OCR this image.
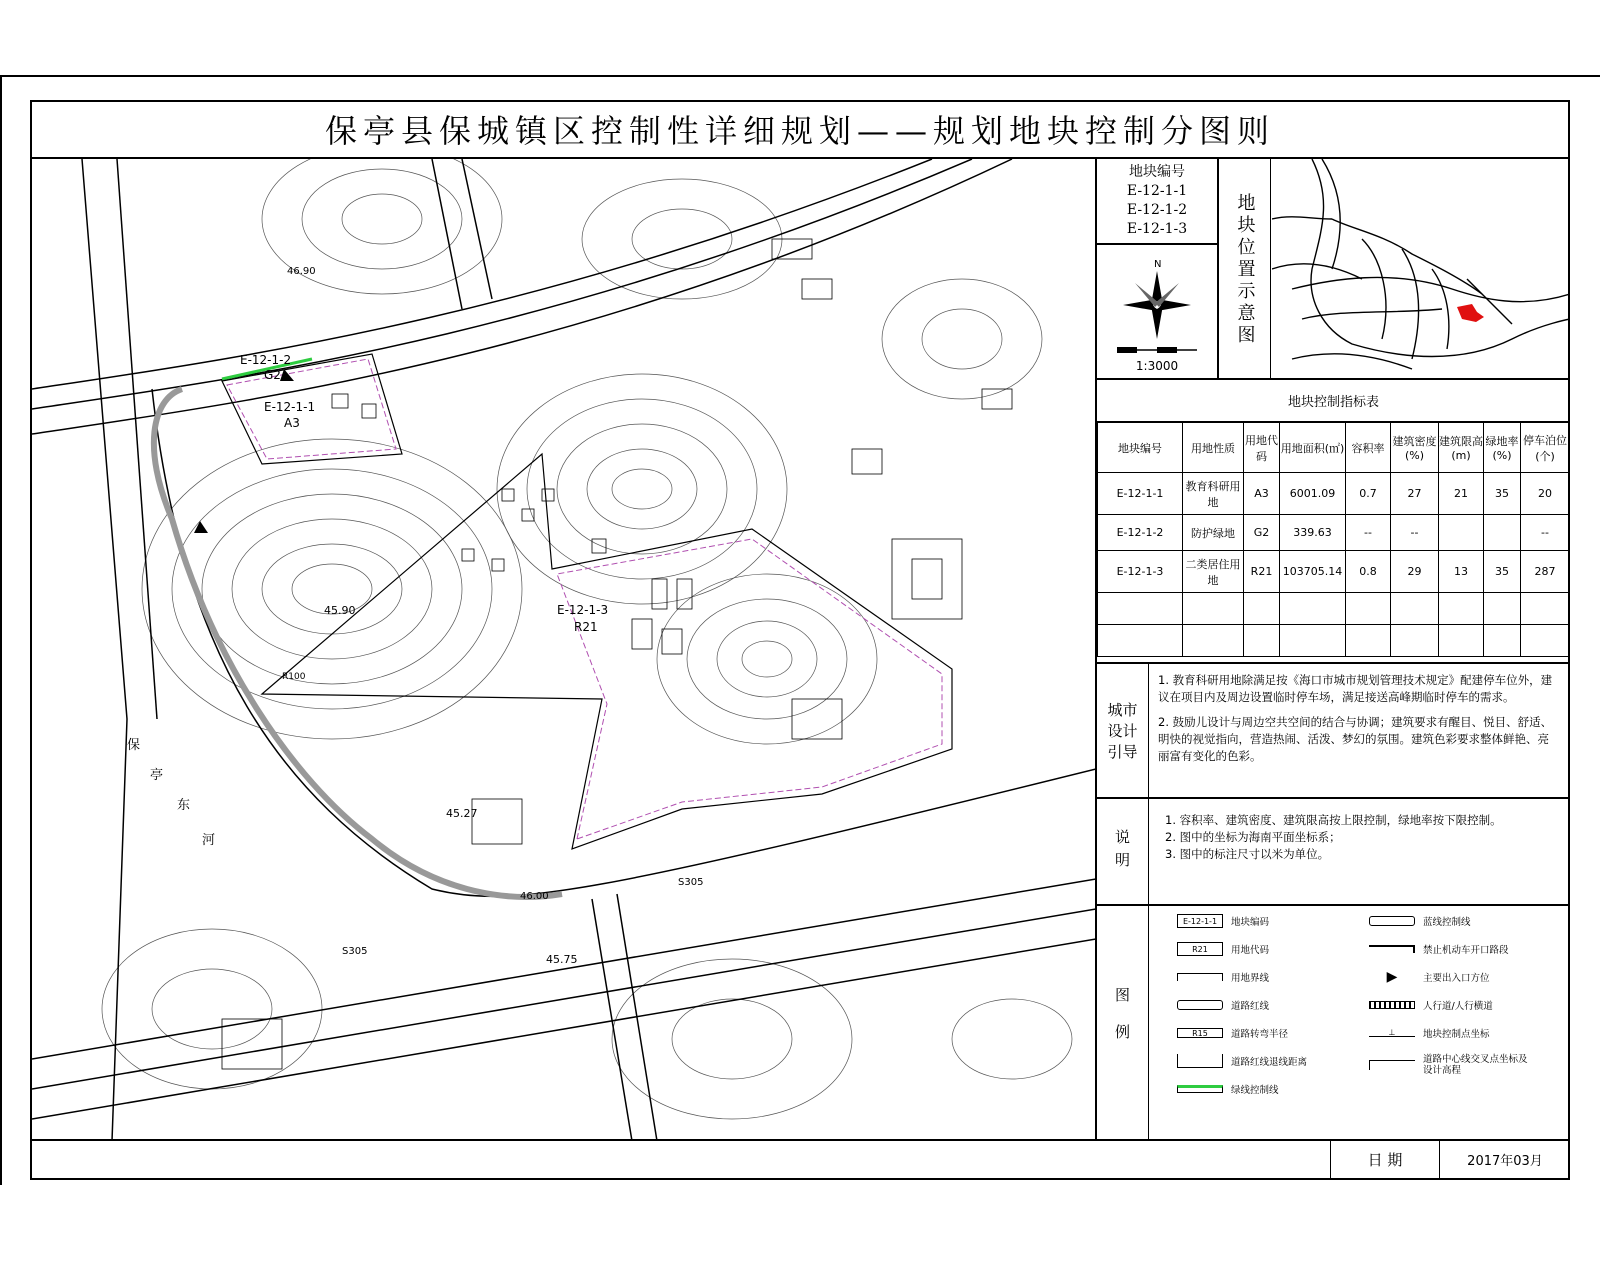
保亭县保城镇区控制性详细规划——规划地块控制分图则
E-12-1-1
A3
E-12-1-2
G2
E-12-1-3
R21
保
亭
东
河
S305
S305
45.90
45.27
45.75
46.00
46.90
R100
地块编号
E-12-1-1
E-12-1-2
E-12-1-3
N
1:3000
地块位置示意图
地块控制指标表
地块编号	用地性质	用地代码	用地面积(㎡)	容积率	建筑密度(%)	建筑限高(m)	绿地率(%)	停车泊位(个)
E-12-1-1	教育科研用地	A3	6001.09	0.7	27	21	35	20
E-12-1-2	防护绿地	G2	339.63	--	--			--
E-12-1-3	二类居住用地	R21	103705.14	0.8	29	13	35	287

城市设计引导
1. 教育科研用地除满足按《海口市城市规划管理技术规定》配建停车位外，建议在项目内及周边设置临时停车场，满足接送高峰期临时停车的需求。
2. 鼓励儿设计与周边空共空间的结合与协调；建筑要求有醒目、悦目、舒适、明快的视觉指向，营造热闹、活泼、梦幻的氛围。建筑色彩要求整体鲜艳、亮丽富有变化的色彩。
说明
1. 容积率、建筑密度、建筑限高按上限控制，绿地率按下限控制。
2. 图中的坐标为海南平面坐标系；
3. 图中的标注尺寸以米为单位。
图例
E-12-1-1	地块编码
R21	用地代码
用地界线
道路红线
R15	道路转弯半径
道路红线退线距离
绿线控制线
蓝线控制线
禁止机动车开口路段
▶	主要出入口方位
人行道/人行横道
⊥	地块控制点坐标
道路中心线交叉点坐标及设计高程
日 期	2017年03月
